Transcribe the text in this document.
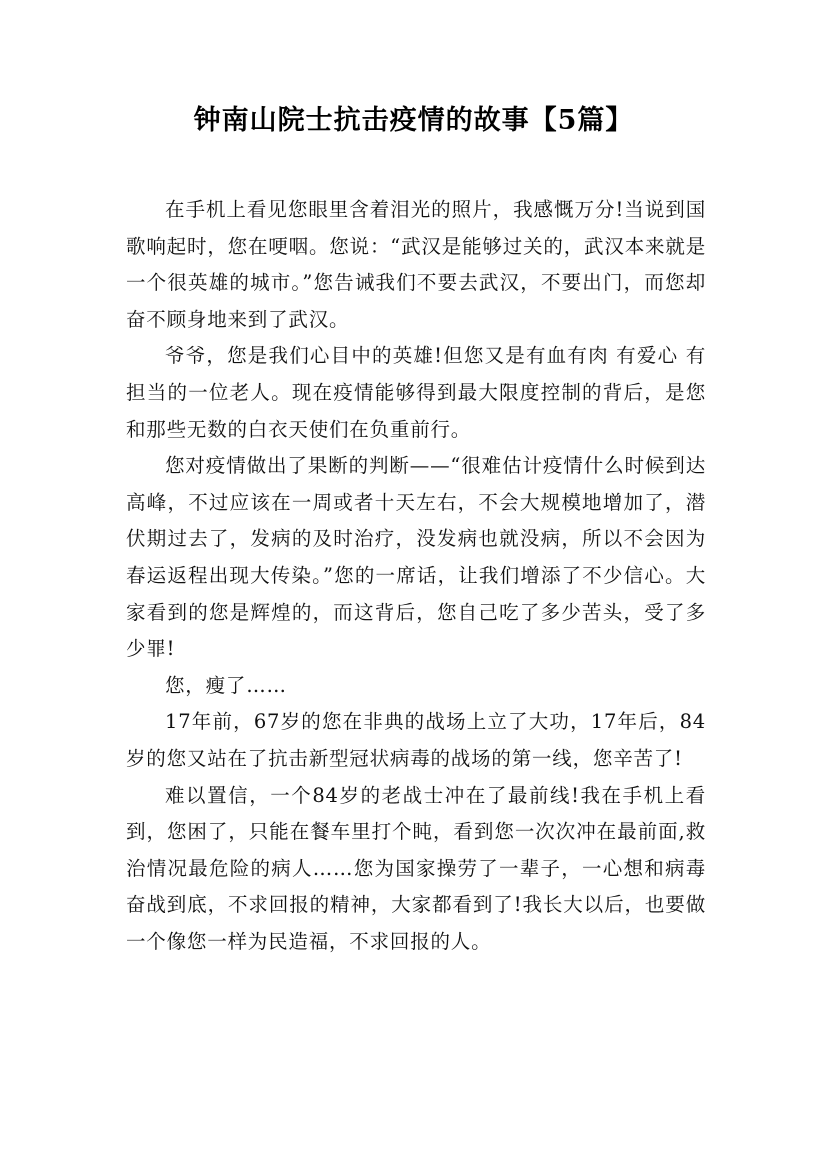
钟南山院士抗击疫情的故事【5篇】

在手机上看见您眼里含着泪光的照片，我感慨万分!当说到国歌响起时，您在哽咽。您说：“武汉是能够过关的，武汉本来就是一个很英雄的城市。”您告诫我们不要去武汉，不要出门，而您却奋不顾身地来到了武汉。

爷爷，您是我们心目中的英雄!但您又是有血有肉 有爱心 有担当的一位老人。现在疫情能够得到最大限度控制的背后，是您和那些无数的白衣天使们在负重前行。

您对疫情做出了果断的判断——“很难估计疫情什么时候到达高峰，不过应该在一周或者十天左右，不会大规模地增加了，潜伏期过去了，发病的及时治疗，没发病也就没病，所以不会因为春运返程出现大传染。”您的一席话，让我们增添了不少信心。大家看到的您是辉煌的，而这背后，您自己吃了多少苦头，受了多少罪!

您，瘦了……

17年前，67岁的您在非典的战场上立了大功，17年后，84岁的您又站在了抗击新型冠状病毒的战场的第一线，您辛苦了!

难以置信，一个84岁的老战士冲在了最前线!我在手机上看到，您困了，只能在餐车里打个盹，看到您一次次冲在最前面,救治情况最危险的病人……您为国家操劳了一辈子，一心想和病毒奋战到底，不求回报的精神，大家都看到了!我长大以后，也要做一个像您一样为民造福，不求回报的人。
